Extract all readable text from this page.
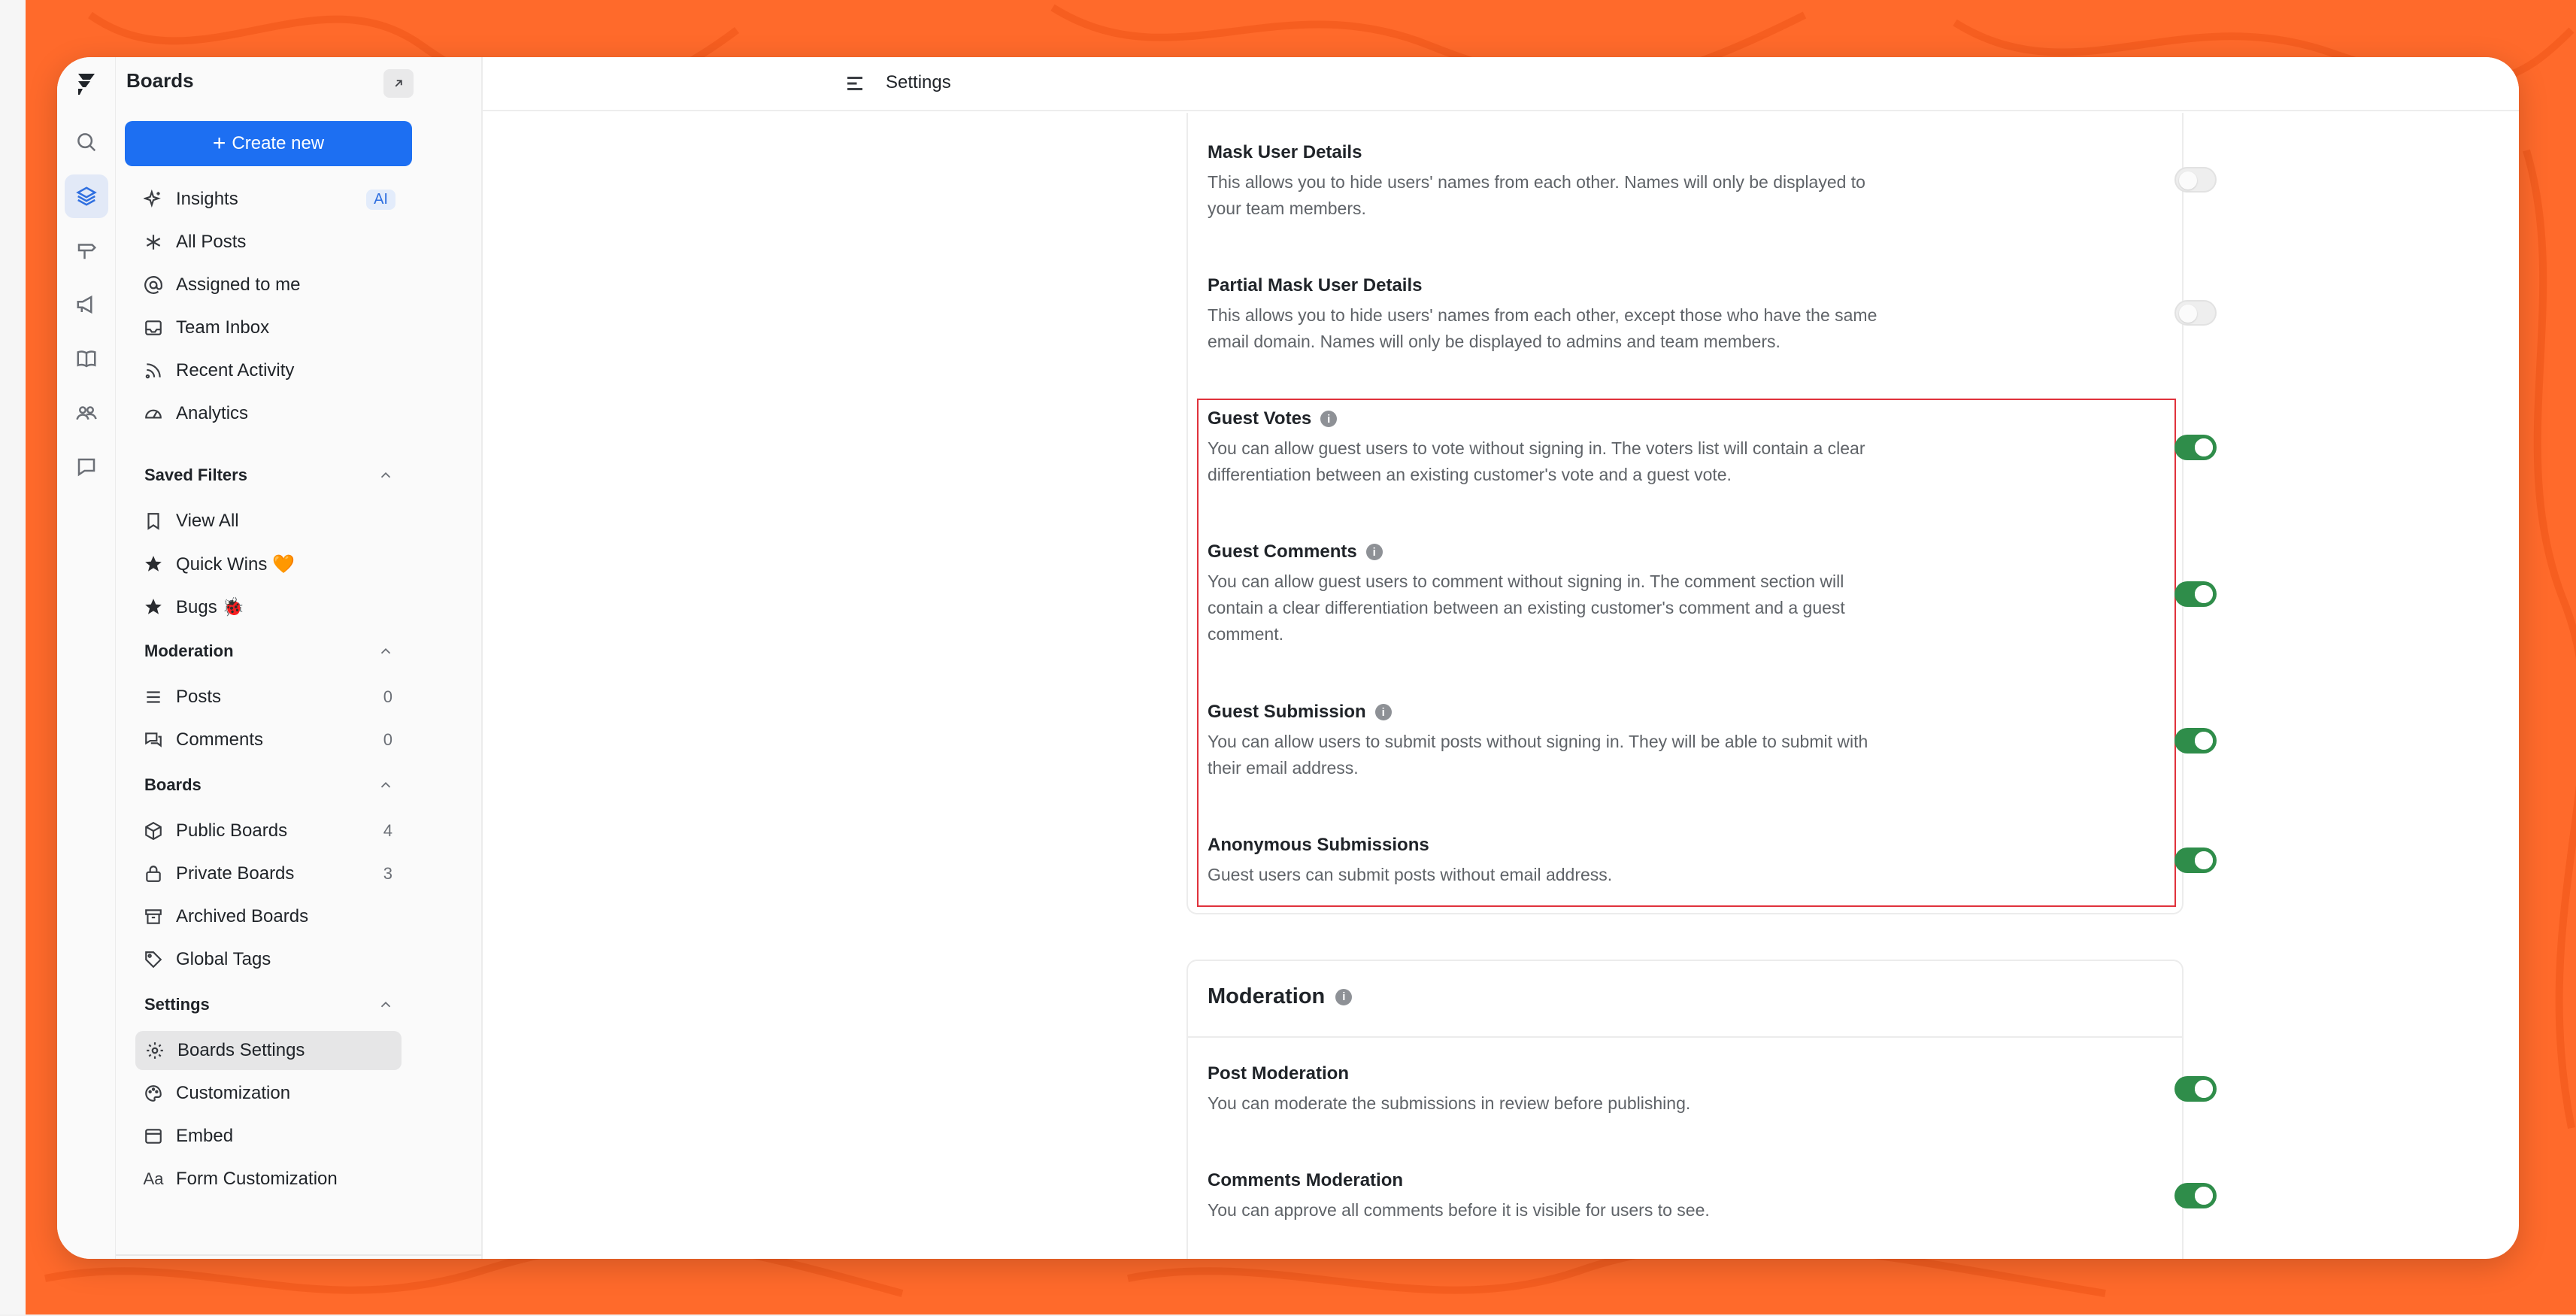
Boards
+ Create new
Insights	AI
All Posts
Assigned to me
Team Inbox
Recent Activity
Analytics
Saved Filters
View All
Quick Wins 🧡
Bugs 🐞
Moderation
Posts	0
Comments	0
Boards
Public Boards	4
Private Boards	3
Archived Boards
Global Tags
Settings
Boards Settings
Customization
Embed
Aa Form Customization
Settings
Mask User Details
This allows you to hide users' names from each other. Names will only be displayed to your team members.
Partial Mask User Details
This allows you to hide users' names from each other, except those who have the same email domain. Names will only be displayed to admins and team members.
Guest Votes	i
You can allow guest users to vote without signing in. The voters list will contain a clear differentiation between an existing customer's vote and a guest vote.
Guest Comments	i
You can allow guest users to comment without signing in. The comment section will contain a clear differentiation between an existing customer's comment and a guest comment.
Guest Submission	i
You can allow users to submit posts without signing in. They will be able to submit with their email address.
Anonymous Submissions
Guest users can submit posts without email address.
Moderation	i
Post Moderation
You can moderate the submissions in review before publishing.
Comments Moderation
You can approve all comments before it is visible for users to see.
